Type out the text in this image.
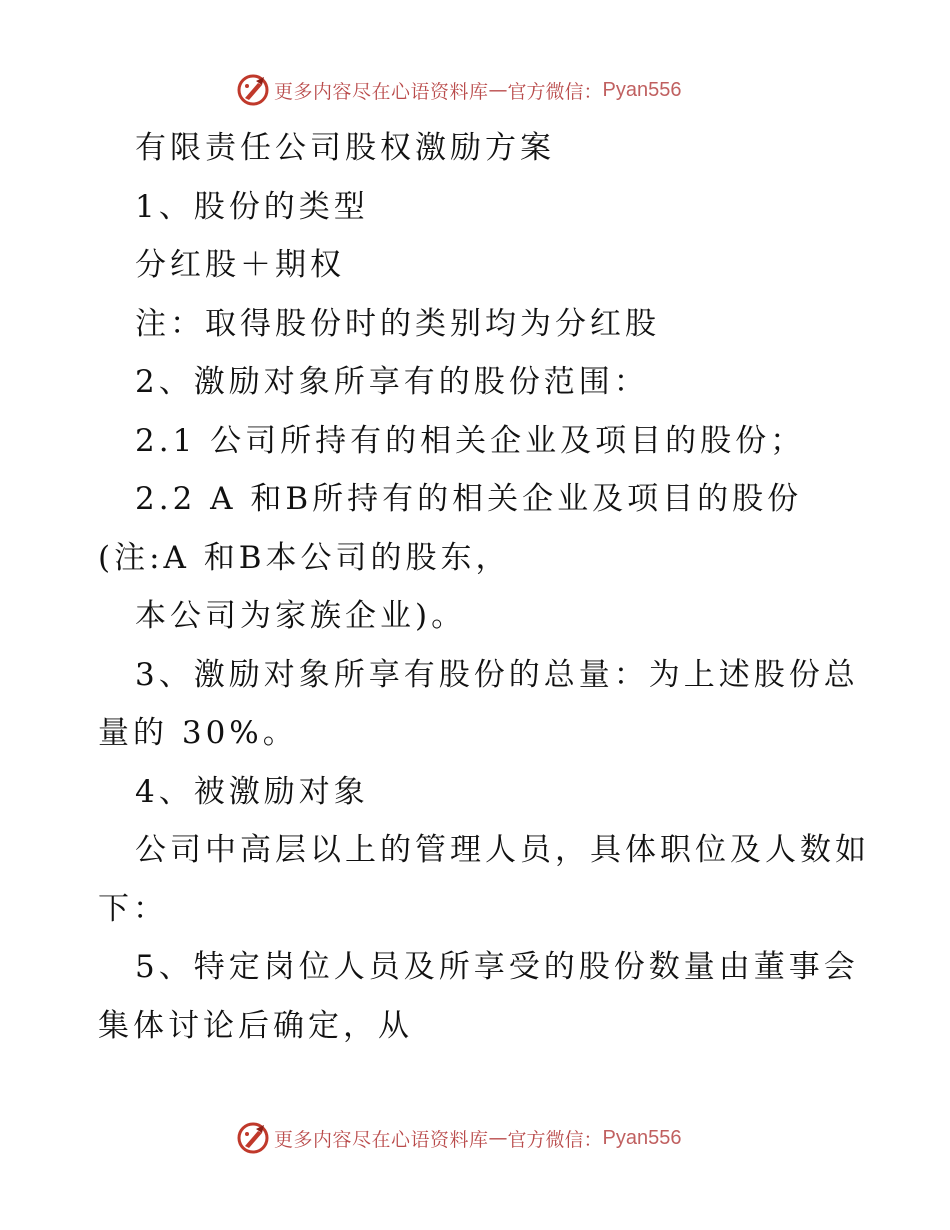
更多内容尽在心语资料库 — 官方微信： Pyan556
有限责任公司股权激励方案
1、股份的类型
分红股＋期权
注：取得股份时的类别均为分红股
2、激励对象所享有的股份范围：
2.1 公司所持有的相关企业及项目的股份；
2.2 A 和B所持有的相关企业及项目的股份
(注:A 和B本公司的股东，
本公司为家族企业)。
3、激励对象所享有股份的总量：为上述股份总
量的 30%。
4、被激励对象
公司中高层以上的管理人员，具体职位及人数如
下：
5、特定岗位人员及所享受的股份数量由董事会
集体讨论后确定，从
更多内容尽在心语资料库 — 官方微信： Pyan556
